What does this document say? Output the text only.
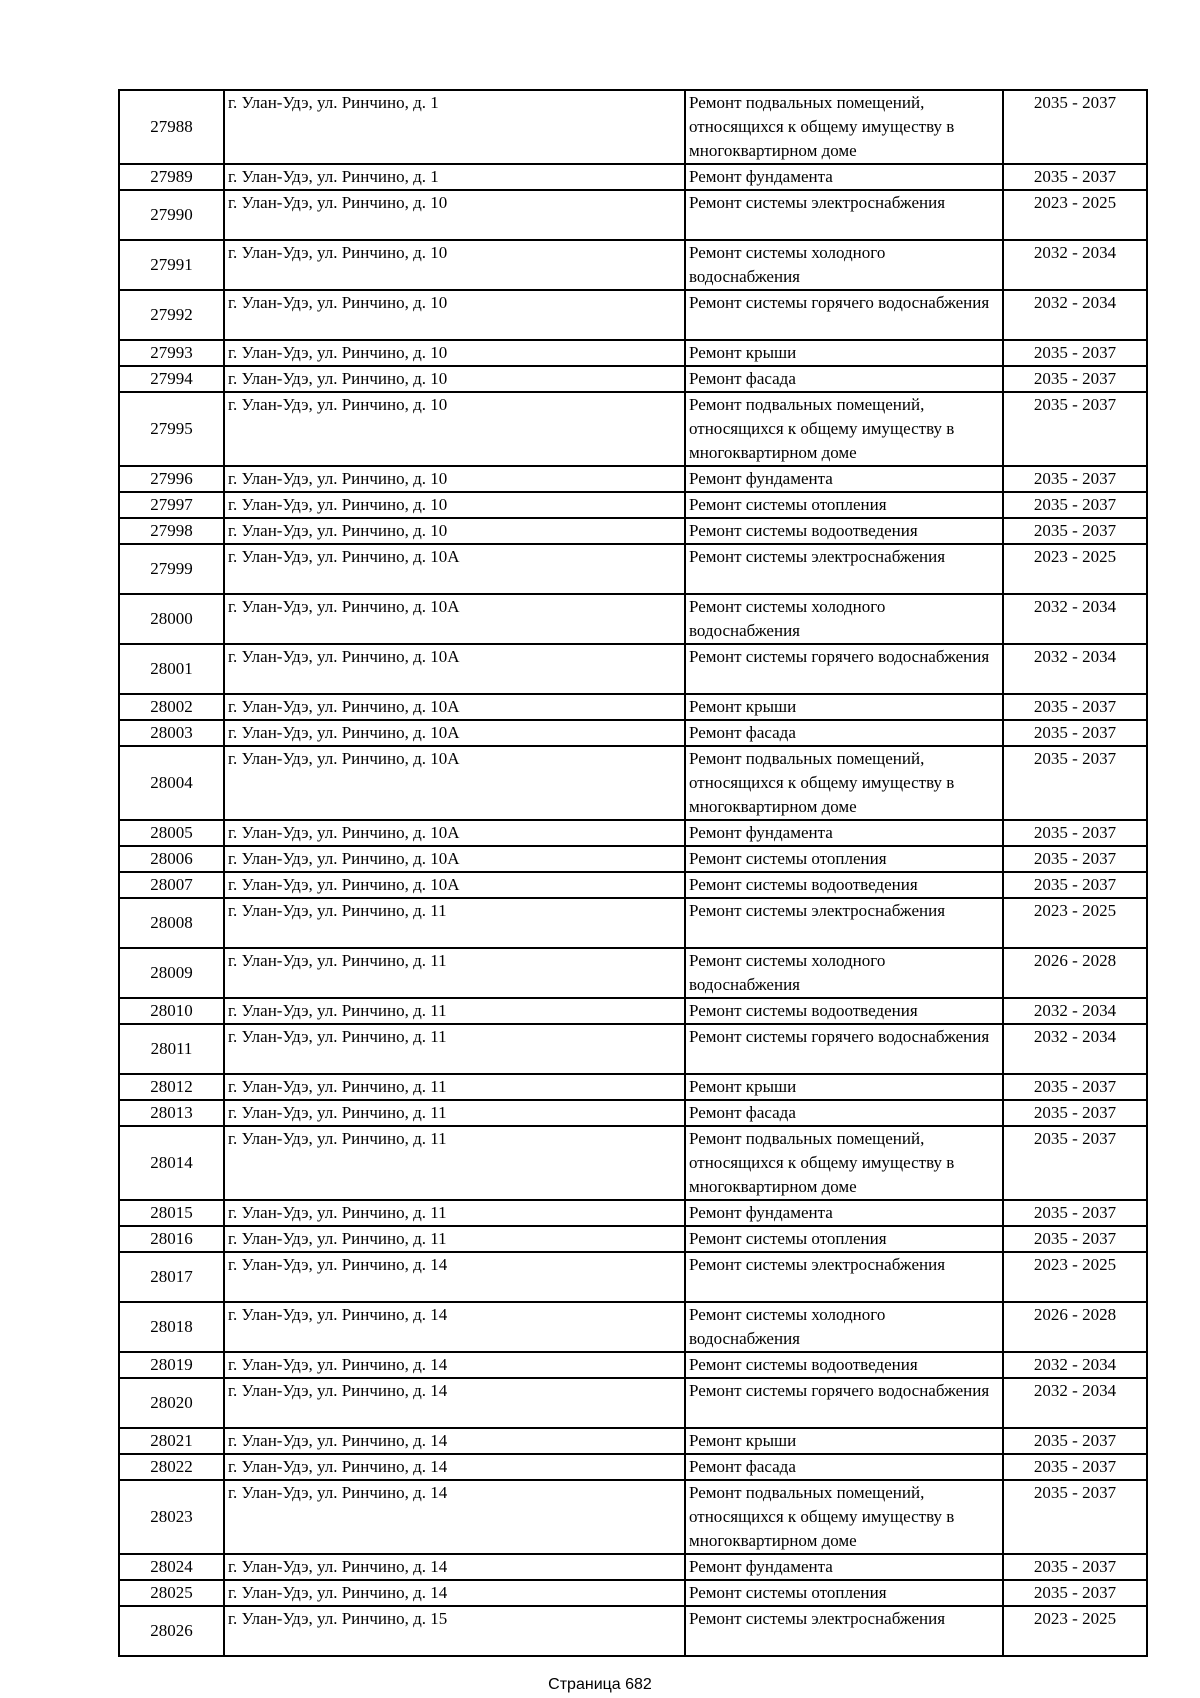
27988	г. Улан-Удэ, ул. Ринчино, д. 1	Ремонт подвальных помещений, относящихся к общему имуществу в многоквартирном доме	2035 - 2037
27989	г. Улан-Удэ, ул. Ринчино, д. 1	Ремонт фундамента	2035 - 2037
27990	г. Улан-Удэ, ул. Ринчино, д. 10	Ремонт системы электроснабжения	2023 - 2025
27991	г. Улан-Удэ, ул. Ринчино, д. 10	Ремонт системы холодного водоснабжения	2032 - 2034
27992	г. Улан-Удэ, ул. Ринчино, д. 10	Ремонт системы горячего водоснабжения	2032 - 2034
27993	г. Улан-Удэ, ул. Ринчино, д. 10	Ремонт крыши	2035 - 2037
27994	г. Улан-Удэ, ул. Ринчино, д. 10	Ремонт фасада	2035 - 2037
27995	г. Улан-Удэ, ул. Ринчино, д. 10	Ремонт подвальных помещений, относящихся к общему имуществу в многоквартирном доме	2035 - 2037
27996	г. Улан-Удэ, ул. Ринчино, д. 10	Ремонт фундамента	2035 - 2037
27997	г. Улан-Удэ, ул. Ринчино, д. 10	Ремонт системы отопления	2035 - 2037
27998	г. Улан-Удэ, ул. Ринчино, д. 10	Ремонт системы водоотведения	2035 - 2037
27999	г. Улан-Удэ, ул. Ринчино, д. 10А	Ремонт системы электроснабжения	2023 - 2025
28000	г. Улан-Удэ, ул. Ринчино, д. 10А	Ремонт системы холодного водоснабжения	2032 - 2034
28001	г. Улан-Удэ, ул. Ринчино, д. 10А	Ремонт системы горячего водоснабжения	2032 - 2034
28002	г. Улан-Удэ, ул. Ринчино, д. 10А	Ремонт крыши	2035 - 2037
28003	г. Улан-Удэ, ул. Ринчино, д. 10А	Ремонт фасада	2035 - 2037
28004	г. Улан-Удэ, ул. Ринчино, д. 10А	Ремонт подвальных помещений, относящихся к общему имуществу в многоквартирном доме	2035 - 2037
28005	г. Улан-Удэ, ул. Ринчино, д. 10А	Ремонт фундамента	2035 - 2037
28006	г. Улан-Удэ, ул. Ринчино, д. 10А	Ремонт системы отопления	2035 - 2037
28007	г. Улан-Удэ, ул. Ринчино, д. 10А	Ремонт системы водоотведения	2035 - 2037
28008	г. Улан-Удэ, ул. Ринчино, д. 11	Ремонт системы электроснабжения	2023 - 2025
28009	г. Улан-Удэ, ул. Ринчино, д. 11	Ремонт системы холодного водоснабжения	2026 - 2028
28010	г. Улан-Удэ, ул. Ринчино, д. 11	Ремонт системы водоотведения	2032 - 2034
28011	г. Улан-Удэ, ул. Ринчино, д. 11	Ремонт системы горячего водоснабжения	2032 - 2034
28012	г. Улан-Удэ, ул. Ринчино, д. 11	Ремонт крыши	2035 - 2037
28013	г. Улан-Удэ, ул. Ринчино, д. 11	Ремонт фасада	2035 - 2037
28014	г. Улан-Удэ, ул. Ринчино, д. 11	Ремонт подвальных помещений, относящихся к общему имуществу в многоквартирном доме	2035 - 2037
28015	г. Улан-Удэ, ул. Ринчино, д. 11	Ремонт фундамента	2035 - 2037
28016	г. Улан-Удэ, ул. Ринчино, д. 11	Ремонт системы отопления	2035 - 2037
28017	г. Улан-Удэ, ул. Ринчино, д. 14	Ремонт системы электроснабжения	2023 - 2025
28018	г. Улан-Удэ, ул. Ринчино, д. 14	Ремонт системы холодного водоснабжения	2026 - 2028
28019	г. Улан-Удэ, ул. Ринчино, д. 14	Ремонт системы водоотведения	2032 - 2034
28020	г. Улан-Удэ, ул. Ринчино, д. 14	Ремонт системы горячего водоснабжения	2032 - 2034
28021	г. Улан-Удэ, ул. Ринчино, д. 14	Ремонт крыши	2035 - 2037
28022	г. Улан-Удэ, ул. Ринчино, д. 14	Ремонт фасада	2035 - 2037
28023	г. Улан-Удэ, ул. Ринчино, д. 14	Ремонт подвальных помещений, относящихся к общему имуществу в многоквартирном доме	2035 - 2037
28024	г. Улан-Удэ, ул. Ринчино, д. 14	Ремонт фундамента	2035 - 2037
28025	г. Улан-Удэ, ул. Ринчино, д. 14	Ремонт системы отопления	2035 - 2037
28026	г. Улан-Удэ, ул. Ринчино, д. 15	Ремонт системы электроснабжения	2023 - 2025
Страница 682
